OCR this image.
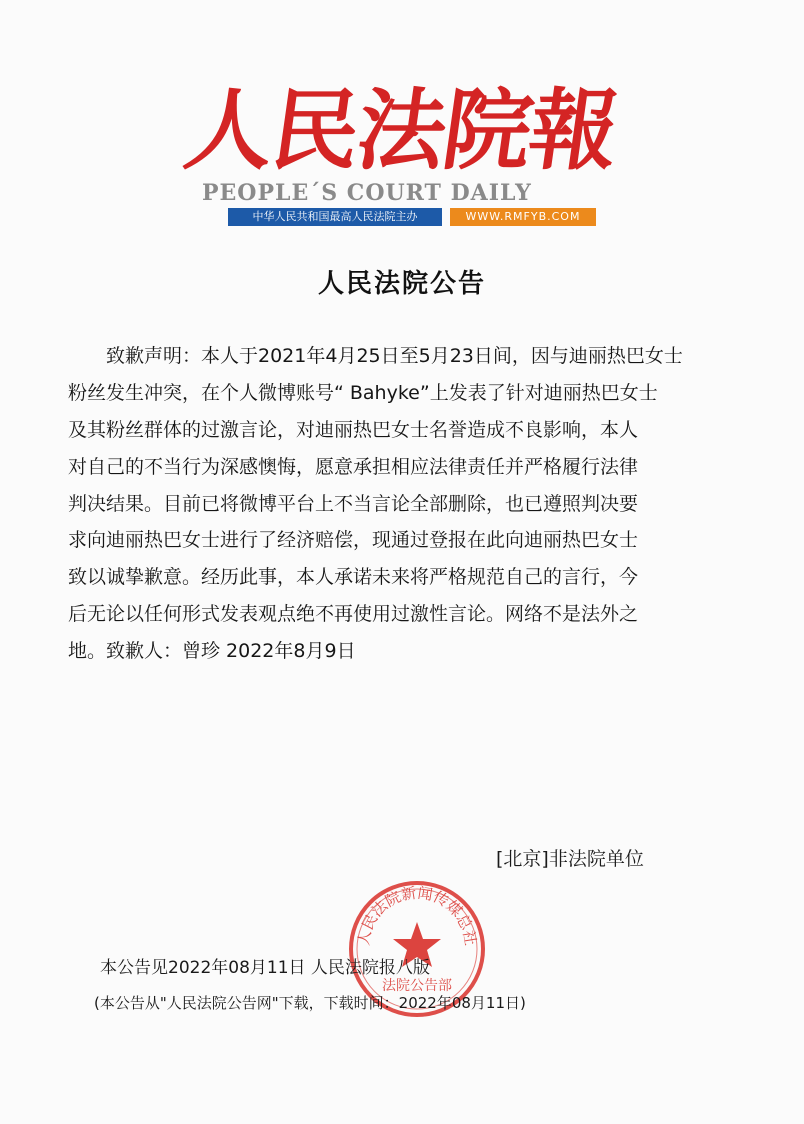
人民法院報
PEOPLE´S COURT DAILY
中华人民共和国最高人民法院主办	WWW.RMFYB.COM
人民法院公告
　　致歉声明：本人于2021年4月25日至5月23日间，因与迪丽热巴女士
粉丝发生冲突，在个人微博账号“ Bahyke”上发表了针对迪丽热巴女士
及其粉丝群体的过激言论，对迪丽热巴女士名誉造成不良影响，本人
对自己的不当行为深感懊悔，愿意承担相应法律责任并严格履行法律
判决结果。目前已将微博平台上不当言论全部删除，也已遵照判决要
求向迪丽热巴女士进行了经济赔偿，现通过登报在此向迪丽热巴女士
致以诚挚歉意。经历此事，本人承诺未来将严格规范自己的言行，今
后无论以任何形式发表观点绝不再使用过激性言论。网络不是法外之
地。致歉人：曾珍 2022年8月9日
[北京]非法院单位
人民法院新闻传媒总社
法院公告部
本公告见2022年08月11日 人民法院报八版
(本公告从"人民法院公告网"下载，下载时间：2022年08月11日)
